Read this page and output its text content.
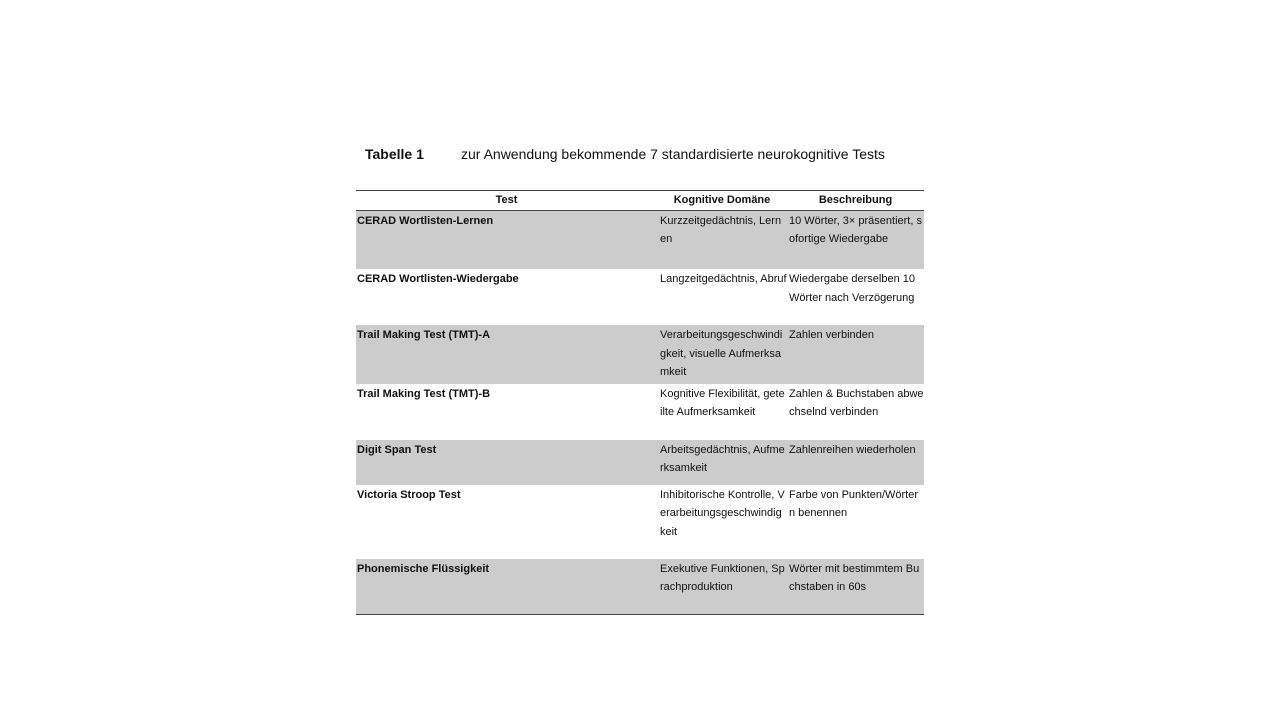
Tabelle 1	zur Anwendung bekommende 7 standardisierte neurokognitive Tests
Test	Kognitive Domäne	Beschreibung
CERAD Wortlisten-Lernen	Kurzzeitgedächtnis, Lernen	10 Wörter, 3× präsentiert, sofortige Wiedergabe
CERAD Wortlisten-Wiedergabe	Langzeitgedächtnis, Abruf	Wiedergabe derselben 10 Wörter nach Verzögerung
Trail Making Test (TMT)-A	Verarbeitungsgeschwindigkeit, visuelle Aufmerksamkeit	Zahlen verbinden
Trail Making Test (TMT)-B	Kognitive Flexibilität, geteilte Aufmerksamkeit	Zahlen & Buchstaben abwechselnd verbinden
Digit Span Test	Arbeitsgedächtnis, Aufmerksamkeit	Zahlenreihen wiederholen
Victoria Stroop Test	Inhibitorische Kontrolle, Verarbeitungsgeschwindigkeit	Farbe von Punkten/Wörtern benennen
Phonemische Flüssigkeit	Exekutive Funktionen, Sprachproduktion	Wörter mit bestimmtem Buchstaben in 60s
